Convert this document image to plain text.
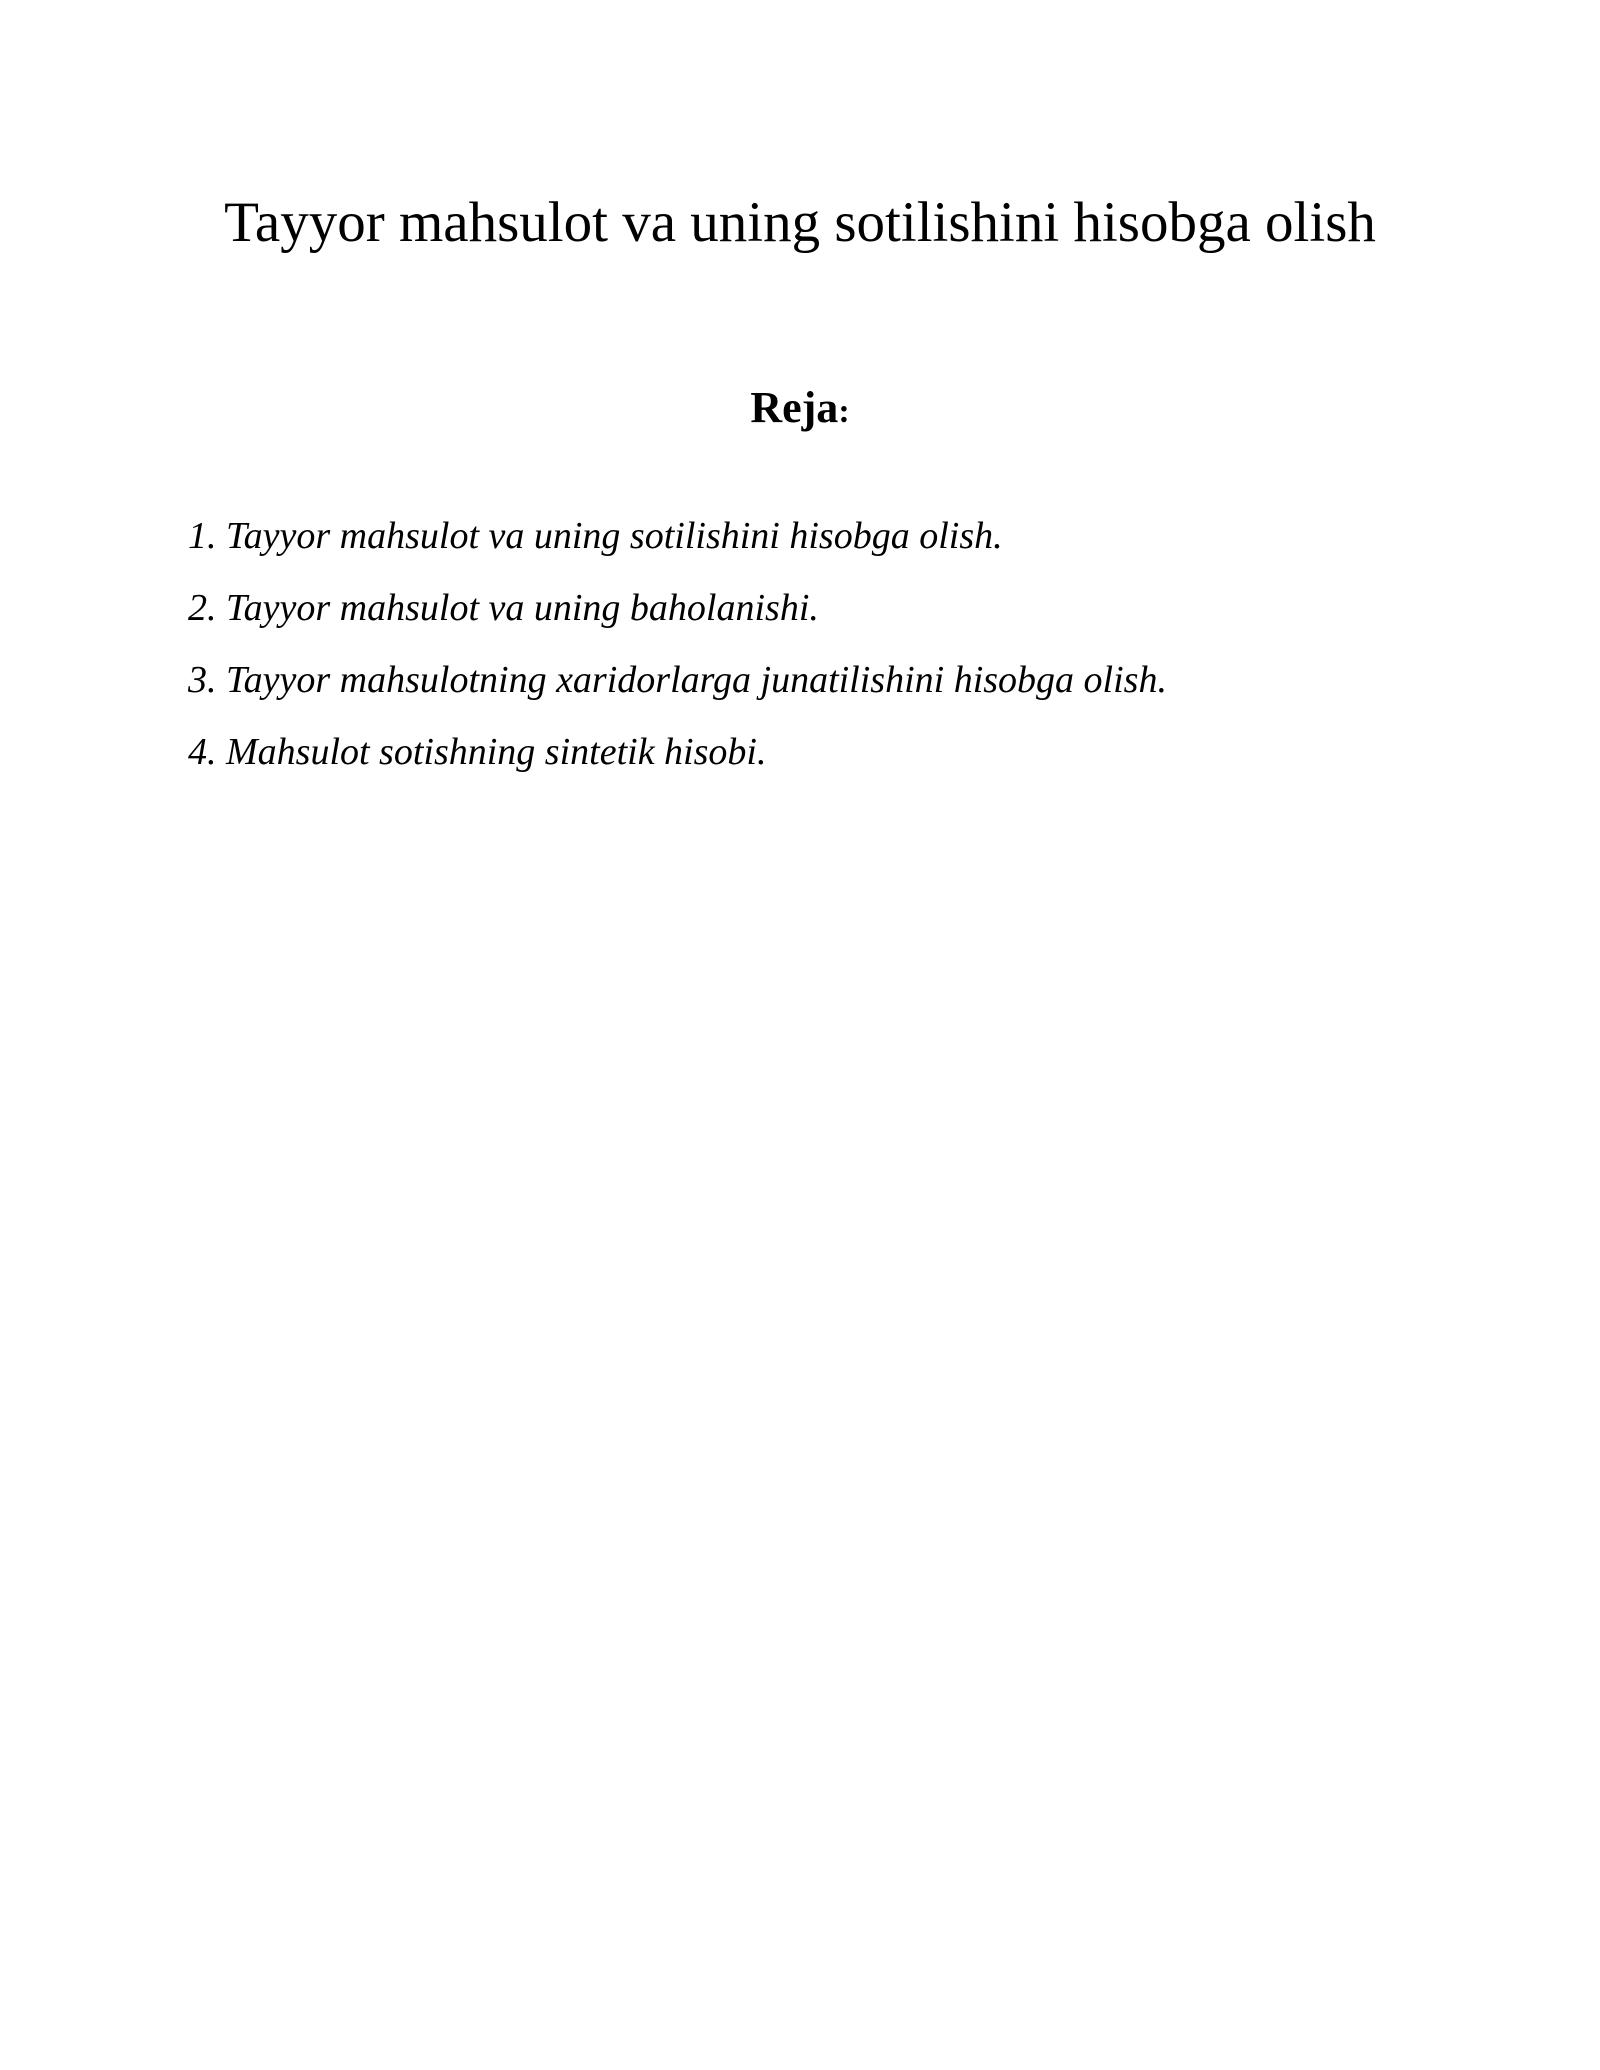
Tayyor mahsulot va uning sotilishini hisobga olish
Reja:
1. Tayyor mahsulot va uning sotilishini hisobga olish.
2. Tayyor mahsulot va uning baholanishi.
3. Tayyor mahsulotning xaridorlarga junatilishini hisobga olish.
4. Mahsulot sotishning sintetik hisobi.
